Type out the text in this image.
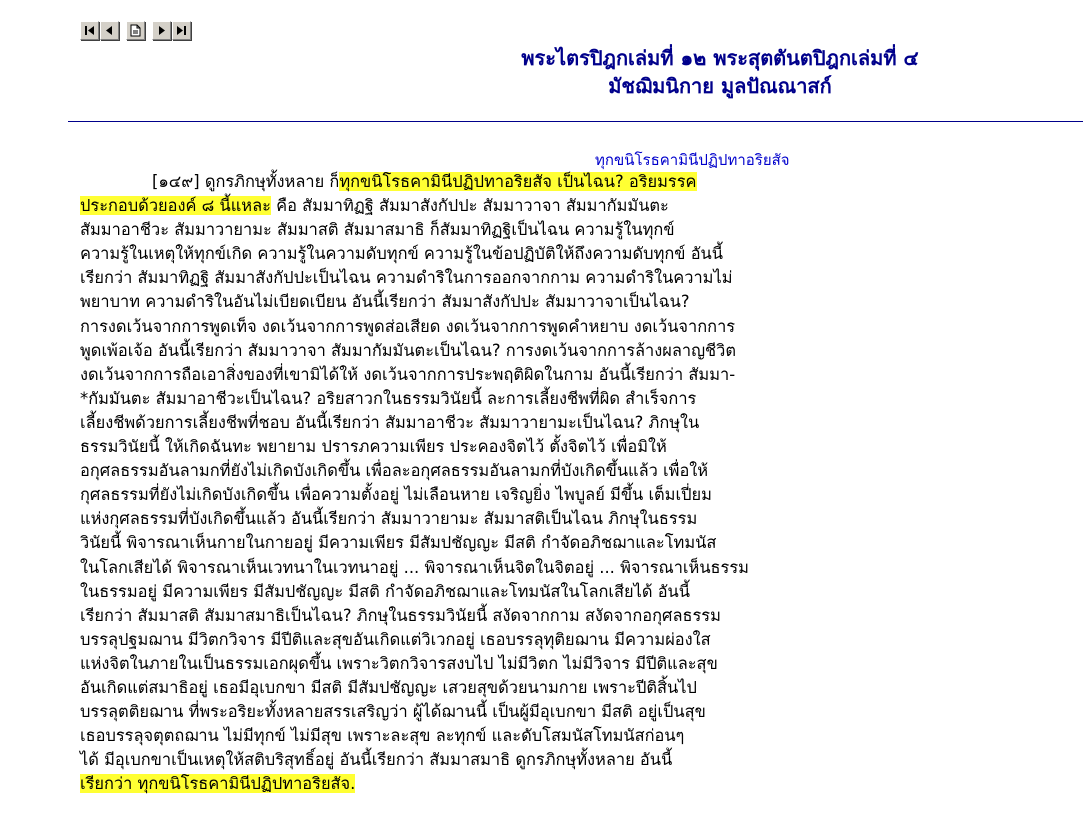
พระไตรปิฎกเล่มที่ ๑๒ พระสุตตันตปิฎกเล่มที่ ๔
มัชฌิมนิกาย มูลปัณณาสก์
ทุกขนิโรธคามินีปฏิปทาอริยสัจ
[๑๔๙] ดูกรภิกษุทั้งหลาย ก็ทุกขนิโรธคามินีปฏิปทาอริยสัจ เป็นไฉน? อริยมรรค
ประกอบด้วยองค์ ๘ นี้แหละ คือ สัมมาทิฏฐิ สัมมาสังกัปปะ สัมมาวาจา สัมมากัมมันตะ
สัมมาอาชีวะ สัมมาวายามะ สัมมาสติ สัมมาสมาธิ ก็สัมมาทิฏฐิเป็นไฉน ความรู้ในทุกข์
ความรู้ในเหตุให้ทุกข์เกิด ความรู้ในความดับทุกข์ ความรู้ในข้อปฏิบัติให้ถึงความดับทุกข์ อันนี้
เรียกว่า สัมมาทิฏฐิ สัมมาสังกัปปะเป็นไฉน ความดำริในการออกจากกาม ความดำริในความไม่
พยาบาท ความดำริในอันไม่เบียดเบียน อันนี้เรียกว่า สัมมาสังกัปปะ สัมมาวาจาเป็นไฉน?
การงดเว้นจากการพูดเท็จ งดเว้นจากการพูดส่อเสียด งดเว้นจากการพูดคำหยาบ งดเว้นจากการ
พูดเพ้อเจ้อ อันนี้เรียกว่า สัมมาวาจา สัมมากัมมันตะเป็นไฉน? การงดเว้นจากการล้างผลาญชีวิต
งดเว้นจากการถือเอาสิ่งของที่เขามิได้ให้ งดเว้นจากการประพฤติผิดในกาม อันนี้เรียกว่า สัมมา-
*กัมมันตะ สัมมาอาชีวะเป็นไฉน? อริยสาวกในธรรมวินัยนี้ ละการเลี้ยงชีพที่ผิด สำเร็จการ
เลี้ยงชีพด้วยการเลี้ยงชีพที่ชอบ อันนี้เรียกว่า สัมมาอาชีวะ สัมมาวายามะเป็นไฉน? ภิกษุใน
ธรรมวินัยนี้ ให้เกิดฉันทะ พยายาม ปรารภความเพียร ประคองจิตไว้ ตั้งจิตไว้ เพื่อมิให้
อกุศลธรรมอันลามกที่ยังไม่เกิดบังเกิดขึ้น เพื่อละอกุศลธรรมอันลามกที่บังเกิดขึ้นแล้ว เพื่อให้
กุศลธรรมที่ยังไม่เกิดบังเกิดขึ้น เพื่อความตั้งอยู่ ไม่เลือนหาย เจริญยิ่ง ไพบูลย์ มีขึ้น เต็มเปี่ยม
แห่งกุศลธรรมที่บังเกิดขึ้นแล้ว อันนี้เรียกว่า สัมมาวายามะ สัมมาสติเป็นไฉน ภิกษุในธรรม
วินัยนี้ พิจารณาเห็นกายในกายอยู่ มีความเพียร มีสัมปชัญญะ มีสติ กำจัดอภิชฌาและโทมนัส
ในโลกเสียได้ พิจารณาเห็นเวทนาในเวทนาอยู่ ... พิจารณาเห็นจิตในจิตอยู่ ... พิจารณาเห็นธรรม
ในธรรมอยู่ มีความเพียร มีสัมปชัญญะ มีสติ กำจัดอภิชฌาและโทมนัสในโลกเสียได้ อันนี้
เรียกว่า สัมมาสติ สัมมาสมาธิเป็นไฉน? ภิกษุในธรรมวินัยนี้ สงัดจากกาม สงัดจากอกุศลธรรม
บรรลุปฐมฌาน มีวิตกวิจาร มีปีติและสุขอันเกิดแต่วิเวกอยู่ เธอบรรลุทุติยฌาน มีความผ่องใส
แห่งจิตในภายในเป็นธรรมเอกผุดขึ้น เพราะวิตกวิจารสงบไป ไม่มีวิตก ไม่มีวิจาร มีปีติและสุข
อันเกิดแต่สมาธิอยู่ เธอมีอุเบกขา มีสติ มีสัมปชัญญะ เสวยสุขด้วยนามกาย เพราะปีติสิ้นไป
บรรลุตติยฌาน ที่พระอริยะทั้งหลายสรรเสริญว่า ผู้ได้ฌานนี้ เป็นผู้มีอุเบกขา มีสติ อยู่เป็นสุข
เธอบรรลุจตุตถฌาน ไม่มีทุกข์ ไม่มีสุข เพราะละสุข ละทุกข์ และดับโสมนัสโทมนัสก่อนๆ
ได้ มีอุเบกขาเป็นเหตุให้สติบริสุทธิ์อยู่ อันนี้เรียกว่า สัมมาสมาธิ ดูกรภิกษุทั้งหลาย อันนี้
เรียกว่า ทุกขนิโรธคามินีปฏิปทาอริยสัจ.
